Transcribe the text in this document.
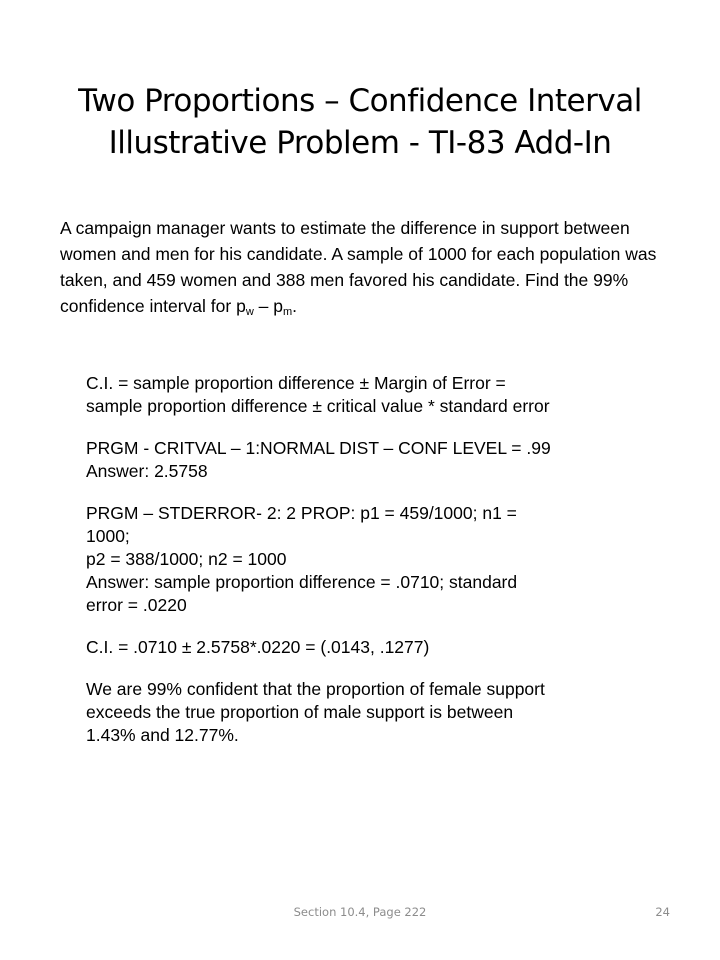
Two Proportions – Confidence Interval
Illustrative Problem - TI-83 Add-In

A campaign manager wants to estimate the difference in support between women and men for his candidate. A sample of 1000 for each population was taken, and 459 women and 388 men favored his candidate. Find the 99% confidence interval for $p_w - p_m$.

C.I. = sample proportion difference ± Margin of Error =
sample proportion difference ± critical value * standard error

PRGM - CRITVAL – 1:NORMAL DIST – CONF LEVEL = .99
Answer: 2.5758

PRGM – STDERROR- 2: 2 PROP: p1 = 459/1000; n1 =
1000;
p2 = 388/1000; n2 = 1000
Answer: sample proportion difference = .0710; standard
error = .0220

C.I. = .0710 ± 2.5758*.0220 = (.0143, .1277)

We are 99% confident that the proportion of female support
exceeds the true proportion of male support is between
1.43% and 12.77%.

Section 10.4, Page 222	24
